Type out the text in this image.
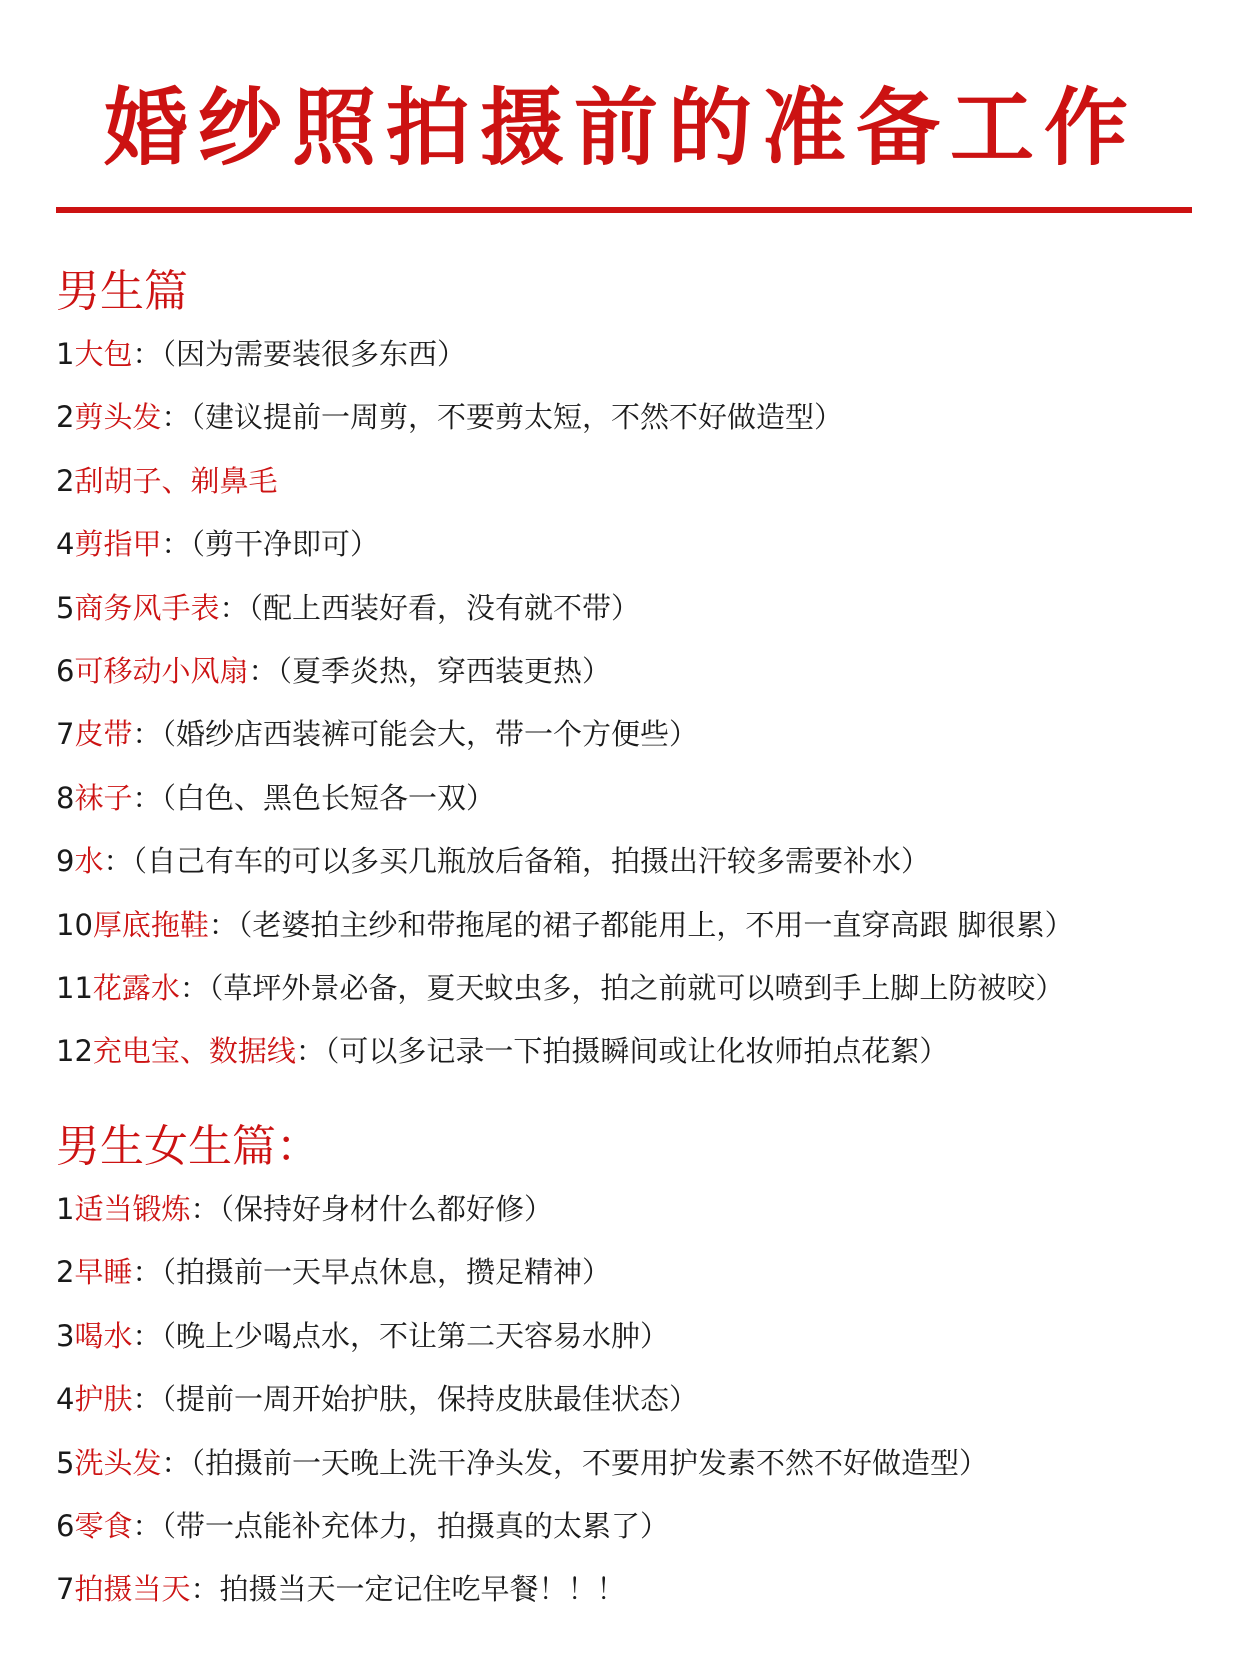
婚纱照拍摄前的准备工作
男生篇
1大包：（因为需要装很多东西）
2剪头发：（建议提前一周剪，不要剪太短，不然不好做造型）
2刮胡子、剃鼻毛
4剪指甲：（剪干净即可）
5商务风手表：（配上西装好看，没有就不带）
6可移动小风扇：（夏季炎热，穿西装更热）
7皮带：（婚纱店西装裤可能会大，带一个方便些）
8袜子：（白色、黑色长短各一双）
9水：（自己有车的可以多买几瓶放后备箱，拍摄出汗较多需要补水）
10厚底拖鞋：（老婆拍主纱和带拖尾的裙子都能用上，不用一直穿高跟 脚很累）
11花露水：（草坪外景必备，夏天蚊虫多，拍之前就可以喷到手上脚上防被咬）
12充电宝、数据线：（可以多记录一下拍摄瞬间或让化妆师拍点花絮）
男生女生篇：
1适当锻炼：（保持好身材什么都好修）
2早睡：（拍摄前一天早点休息，攒足精神）
3喝水：（晚上少喝点水，不让第二天容易水肿）
4护肤：（提前一周开始护肤，保持皮肤最佳状态）
5洗头发：（拍摄前一天晚上洗干净头发，不要用护发素不然不好做造型）
6零食：（带一点能补充体力，拍摄真的太累了）
7拍摄当天：拍摄当天一定记住吃早餐！！！
